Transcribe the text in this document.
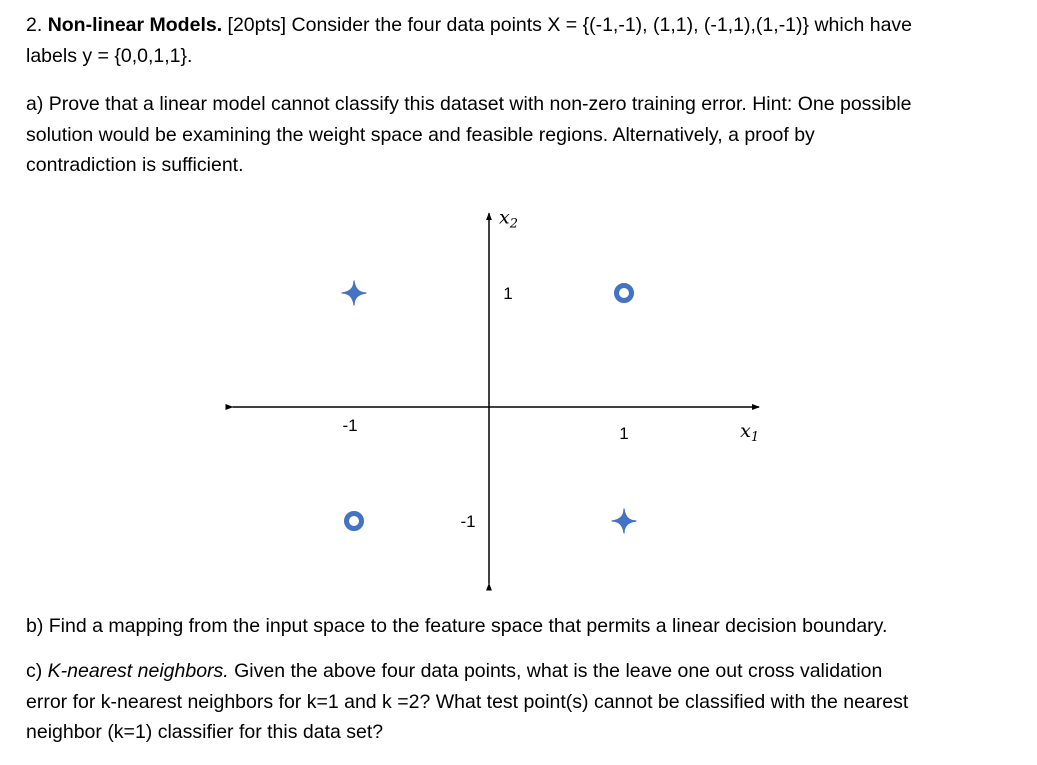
2. Non-linear Models. [20pts] Consider the four data points X = {(-1,-1), (1,1), (-1,1),(1,-1)} which have
labels y = {0,0,1,1}.

a) Prove that a linear model cannot classify this dataset with non-zero training error. Hint: One possible
solution would be examining the weight space and feasible regions. Alternatively, a proof by
contradiction is sufficient.

$x_1$
$x_2$
-1	1
1
-1

b) Find a mapping from the input space to the feature space that permits a linear decision boundary.

c) K-nearest neighbors. Given the above four data points, what is the leave one out cross validation
error for k-nearest neighbors for k=1 and k =2? What test point(s) cannot be classified with the nearest
neighbor (k=1) classifier for this data set?
